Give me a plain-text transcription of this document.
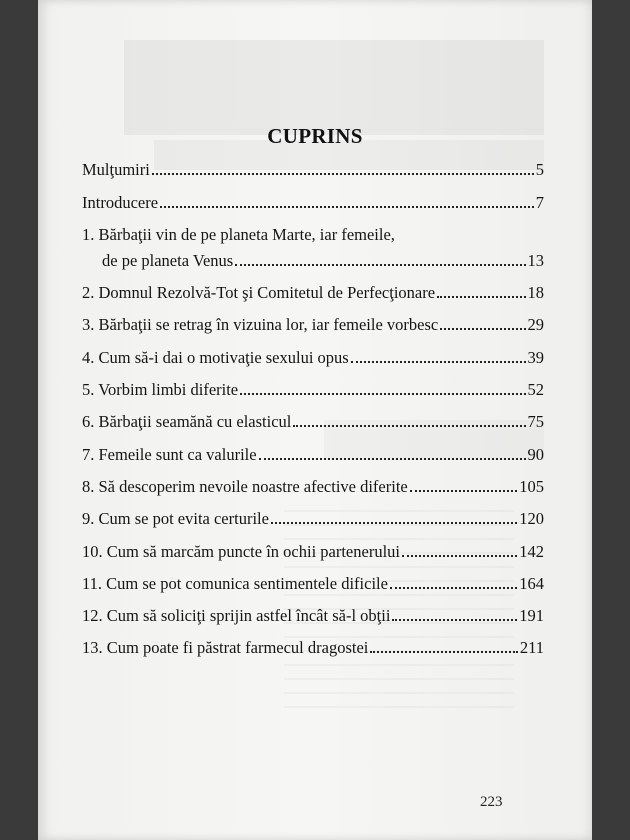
CUPRINS
Mulţumiri	5
Introducere	7
1. Bărbaţii vin de pe planeta Marte, iar femeile,
de pe planeta Venus	13
2. Domnul Rezolvă-Tot şi Comitetul de Perfecţionare	18
3. Bărbaţii se retrag în vizuina lor, iar femeile vorbesc	29
4. Cum să-i dai o motivaţie sexului opus	39
5. Vorbim limbi diferite	52
6. Bărbaţii seamănă cu elasticul	75
7. Femeile sunt ca valurile	90
8. Să descoperim nevoile noastre afective diferite	105
9. Cum se pot evita certurile	120
10. Cum să marcăm puncte în ochii partenerului	142
11. Cum se pot comunica sentimentele dificile	164
12. Cum să soliciţi sprijin astfel încât să-l obţii	191
13. Cum poate fi păstrat farmecul dragostei	211
223
